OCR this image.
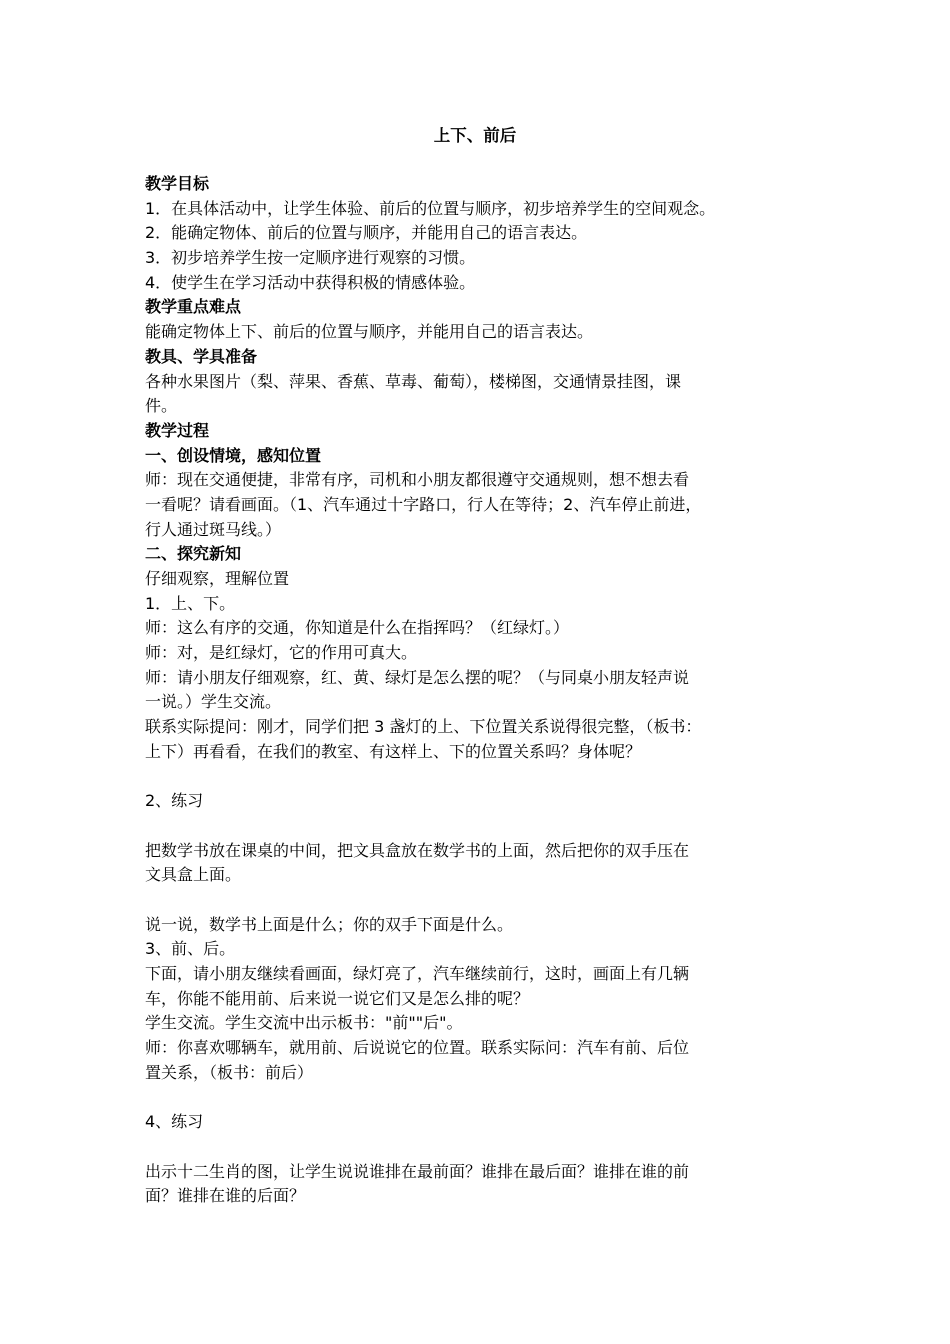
上下、前后
教学目标
1．在具体活动中，让学生体验、前后的位置与顺序，初步培养学生的空间观念。
2．能确定物体、前后的位置与顺序，并能用自己的语言表达。
3．初步培养学生按一定顺序进行观察的习惯。
4．使学生在学习活动中获得积极的情感体验。
教学重点难点
能确定物体上下、前后的位置与顺序，并能用自己的语言表达。
教具、学具准备
各种水果图片（梨、萍果、香蕉、草毒、葡萄），楼梯图，交通情景挂图，课
件。
教学过程
一、创设情境，感知位置
师：现在交通便捷，非常有序，司机和小朋友都很遵守交通规则，想不想去看
一看呢？请看画面。（1、汽车通过十字路口，行人在等待；2、汽车停止前进，
行人通过斑马线。）
二、探究新知
仔细观察，理解位置
1．上、下。
师：这么有序的交通，你知道是什么在指挥吗？（红绿灯。）
师：对，是红绿灯，它的作用可真大。
师：请小朋友仔细观察，红、黄、绿灯是怎么摆的呢？（与同桌小朋友轻声说
一说。）学生交流。
联系实际提问：刚才，同学们把 3 盏灯的上、下位置关系说得很完整，（板书：
上下）再看看，在我们的教室、有这样上、下的位置关系吗？身体呢？
2、练习
把数学书放在课桌的中间，把文具盒放在数学书的上面，然后把你的双手压在
文具盒上面。
说一说，数学书上面是什么；你的双手下面是什么。
3、前、后。
下面，请小朋友继续看画面，绿灯亮了，汽车继续前行，这时，画面上有几辆
车，你能不能用前、后来说一说它们又是怎么排的呢？
学生交流。学生交流中出示板书："前""后"。
师：你喜欢哪辆车，就用前、后说说它的位置。联系实际问：汽车有前、后位
置关系，（板书：前后）
4、练习
出示十二生肖的图，让学生说说谁排在最前面？谁排在最后面？谁排在谁的前
面？谁排在谁的后面？
